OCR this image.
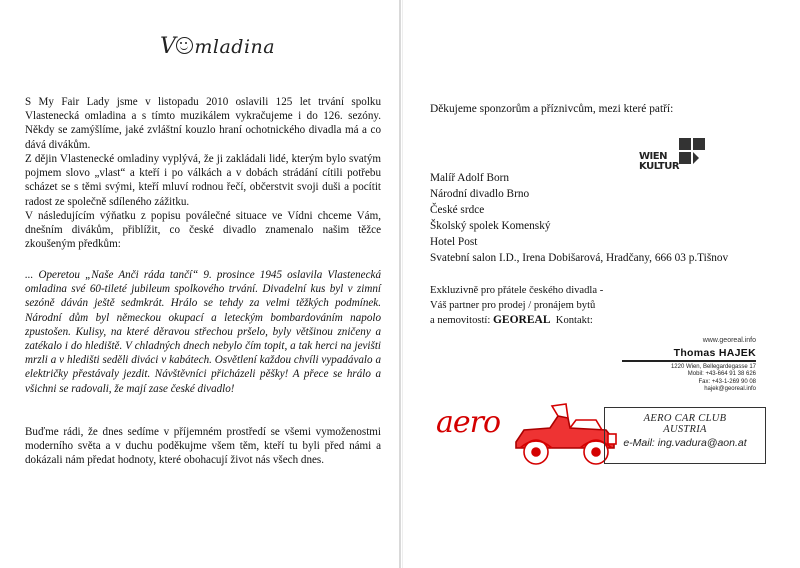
V mladina

S My Fair Lady jsme v listopadu 2010 oslavili 125 let trvání spolku Vlastenecká omladina a s tímto muzikálem vykračujeme i do 126. sezóny. Někdy se zamýšlíme, jaké zvláštní kouzlo hraní ochotnického divadla má a co dává divákům.

Z dějin Vlastenecké omladiny vyplývá, že ji zakládali lidé, kterým bylo svatým pojmem slovo „vlast“ a kteří i po válkách a v dobách strádání cítili potřebu scházet se s těmi svými, kteří mluví rodnou řečí, občerstvit svoji duši a pocítit radost ze společně sdíleného zážitku.

V následujícím výňatku z popisu poválečné situace ve Vídni chceme Vám, dnešním divákům, přiblížit, co české divadlo znamenalo našim těžce zkoušeným předkům:

... Operetou „Naše Anči ráda tančí“ 9. prosince 1945 oslavila Vlastenecká omladina své 60-tileté jubileum spolkového trvání. Divadelní kus byl v zimní sezóně dáván ještě sedmkrát. Hrálo se tehdy za velmi těžkých podmínek. Národní dům byl německou okupací a leteckým bombardováním napolo zpustošen. Kulisy, na které děravou střechou pršelo, byly většinou zničeny a zatékalo i do hlediště. V chladných dnech nebylo čím topit, a tak herci na jevišti mrzli a v hledišti seděli diváci v kabátech. Osvětlení každou chvíli vypadávalo a električky přestávaly jezdit. Návštěvníci přicházeli pěšky! A přece se hrálo a všichni se radovali, že mají zase české divadlo!

Buďme rádi, že dnes sedíme v příjemném prostředí se všemi vymoženostmi moderního světa a v duchu poděkujme všem těm, kteří tu byli před námi a dokázali nám předat hodnoty, které obohacují život nás všech dnes.

Děkujeme sponzorům a příznivcům, mezi které patří:
WIEN
KULTUR
Malíř Adolf Born
Národní divadlo Brno
České srdce
Školský spolek Komenský
Hotel Post
Svatební salon I.D., Irena Dobišarová, Hradčany, 666 03 p.Tišnov
Exkluzivně pro přátele českého divadla -
Váš partner pro prodej / pronájem bytů
a nemovitostí: GEOREAL Kontakt:
www.georeal.info
Thomas HAJEK
1220 Wien, Bellegardegasse 17
Mobil: +43-664 91 38 626
Fax: +43-1-269 90 08
hajek@georeal.info
aero	AERO CAR CLUB
AUSTRIA
e-Mail: ing.vadura@aon.at
